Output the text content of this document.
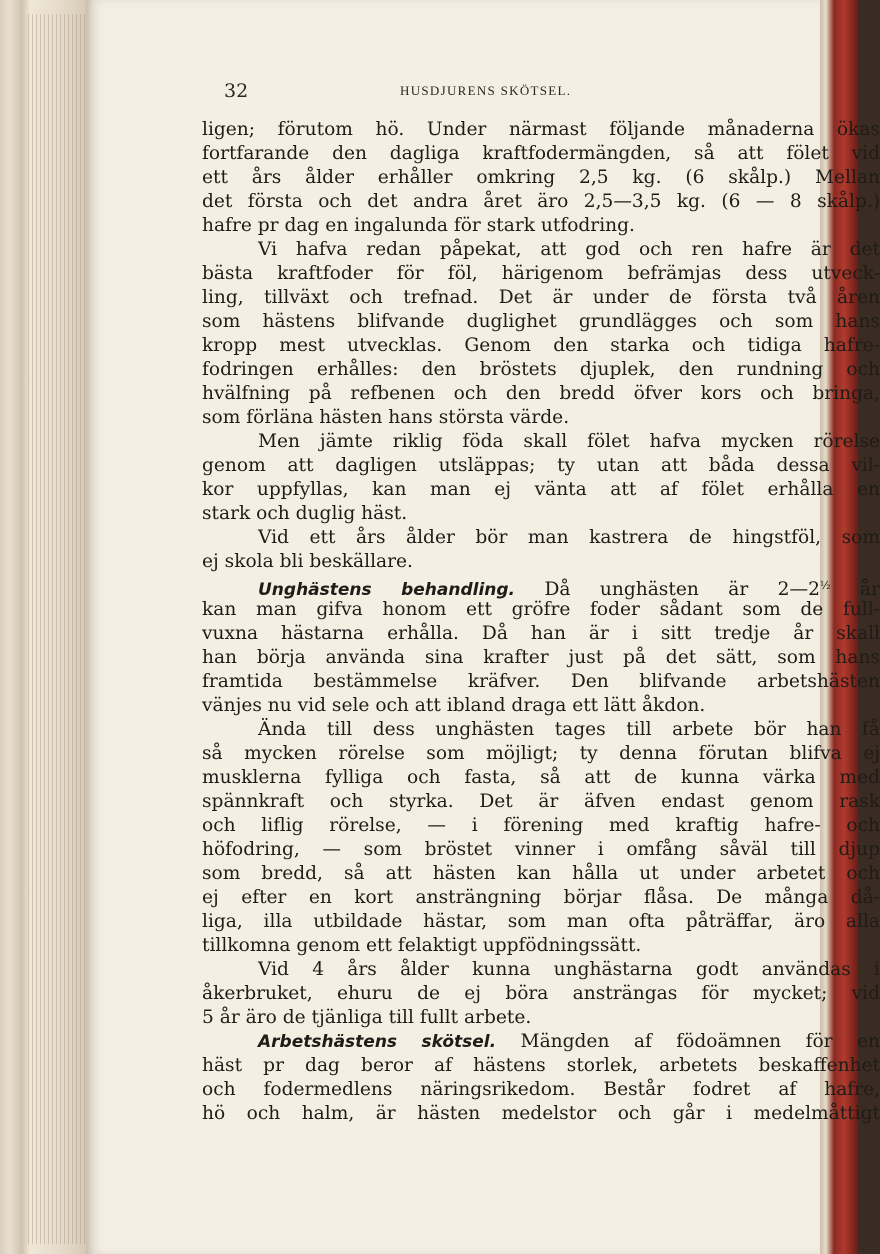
32	HUSDJURENS SKÖTSEL.
ligen; förutom hö. Under närmast följande månaderna ökas
fortfarande den dagliga kraftfodermängden, så att fölet vid
ett års ålder erhåller omkring 2,5 kg. (6 skålp.) Mellan
det första och det andra året äro 2,5—3,5 kg. (6 — 8 skålp.)
hafre pr dag en ingalunda för stark utfodring.
Vi hafva redan påpekat, att god och ren hafre är det
bästa kraftfoder för föl, härigenom befrämjas dess utveck-
ling, tillväxt och trefnad. Det är under de första två åren
som hästens blifvande duglighet grundlägges och som hans
kropp mest utvecklas. Genom den starka och tidiga hafre-
fodringen erhålles: den bröstets djuplek, den rundning och
hvälfning på refbenen och den bredd öfver kors och bringa,
som förläna hästen hans största värde.
Men jämte riklig föda skall fölet hafva mycken rörelse
genom att dagligen utsläppas; ty utan att båda dessa vil-
kor uppfyllas, kan man ej vänta att af fölet erhålla en
stark och duglig häst.
Vid ett års ålder bör man kastrera de hingstföl, som
ej skola bli beskällare.
Unghästens behandling. Då unghästen är $2—2^{\frac{1}{2}}$ år
kan man gifva honom ett gröfre foder sådant som de full-
vuxna hästarna erhålla. Då han är i sitt tredje år skall
han börja använda sina krafter just på det sätt, som hans
framtida bestämmelse kräfver. Den blifvande arbetshästen
vänjes nu vid sele och att ibland draga ett lätt åkdon.
Ända till dess unghästen tages till arbete bör han få
så mycken rörelse som möjligt; ty denna förutan blifva ej
musklerna fylliga och fasta, så att de kunna värka med
spännkraft och styrka. Det är äfven endast genom rask
och liflig rörelse, — i förening med kraftig hafre- och
höfodring, — som bröstet vinner i omfång såväl till djup
som bredd, så att hästen kan hålla ut under arbetet och
ej efter en kort ansträngning börjar flåsa. De många då-
liga, illa utbildade hästar, som man ofta påträffar, äro alla
tillkomna genom ett felaktigt uppfödningssätt.
Vid 4 års ålder kunna unghästarna godt användas i
åkerbruket, ehuru de ej böra ansträngas för mycket; vid
5 år äro de tjänliga till fullt arbete.
Arbetshästens skötsel. Mängden af födoämnen för en
häst pr dag beror af hästens storlek, arbetets beskaffenhet
och fodermedlens näringsrikedom. Består fodret af hafre,
hö och halm, är hästen medelstor och går i medelmåttigt
